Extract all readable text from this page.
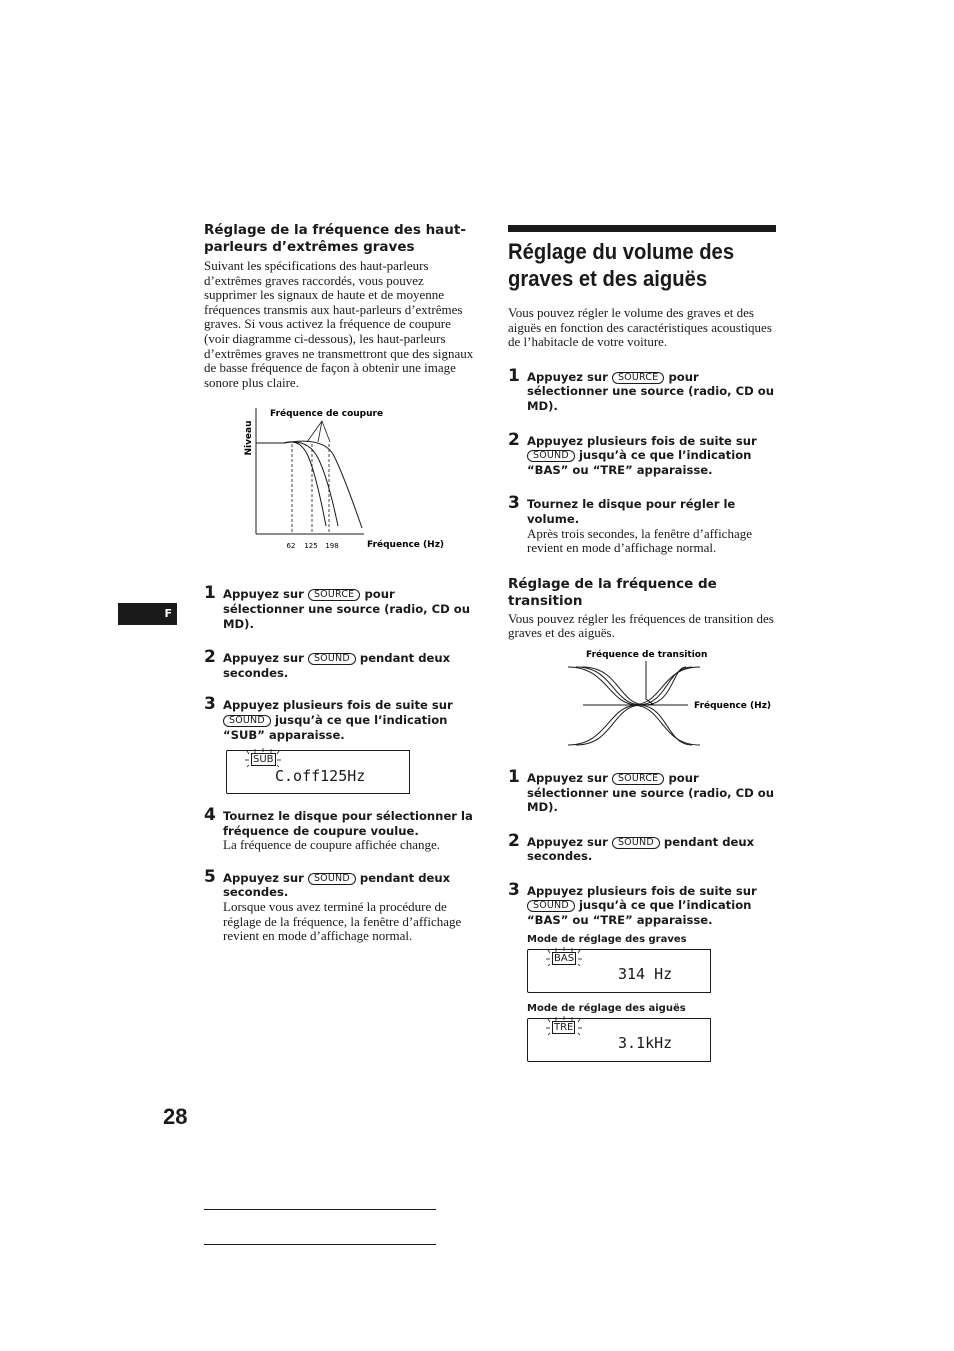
Réglage de la fréquence des haut-parleurs d’extrêmes graves

Suivant les spécifications des haut-parleurs d’extrêmes graves raccordés, vous pouvez supprimer les signaux de haute et de moyenne fréquences transmis aux haut-parleurs d’extrêmes graves. Si vous activez la fréquence de coupure (voir diagramme ci-dessous), les haut-parleurs d’extrêmes graves ne transmettront que des signaux de basse fréquence de façon à obtenir une image sonore plus claire.

Niveau
Fréquence de coupure
62 125 198	Fréquence (Hz)
1 Appuyez sur SOURCE pour sélectionner une source (radio, CD ou MD).

2 Appuyez sur SOUND pendant deux secondes.

3 Appuyez plusieurs fois de suite sur SOUND jusqu’à ce que l’indication “SUB” apparaisse.

SUB
C.off125Hz
4 Tournez le disque pour sélectionner la fréquence de coupure voulue.

La fréquence de coupure affichée change.

5 Appuyez sur SOUND pendant deux secondes.

Lorsque vous avez terminé la procédure de réglage de la fréquence, la fenêtre d’affichage revient en mode d’affichage normal.

Réglage du volume des graves et des aiguës

Vous pouvez régler le volume des graves et des aiguës en fonction des caractéristiques acoustiques de l’habitacle de votre voiture.

1 Appuyez sur SOURCE pour sélectionner une source (radio, CD ou MD).

2 Appuyez plusieurs fois de suite sur SOUND jusqu’à ce que l’indication “BAS” ou “TRE” apparaisse.

3 Tournez le disque pour régler le volume.

Après trois secondes, la fenêtre d’affichage revient en mode d’affichage normal.

Réglage de la fréquence de transition

Vous pouvez régler les fréquences de transition des graves et des aiguës.

Fréquence de transition
Fréquence (Hz)
1 Appuyez sur SOURCE pour sélectionner une source (radio, CD ou MD).

2 Appuyez sur SOUND pendant deux secondes.

3 Appuyez plusieurs fois de suite sur SOUND jusqu’à ce que l’indication “BAS” ou “TRE” apparaisse.

Mode de réglage des graves

BAS
314 Hz

Mode de réglage des aiguës

TRE
3.1kHz
F
28
